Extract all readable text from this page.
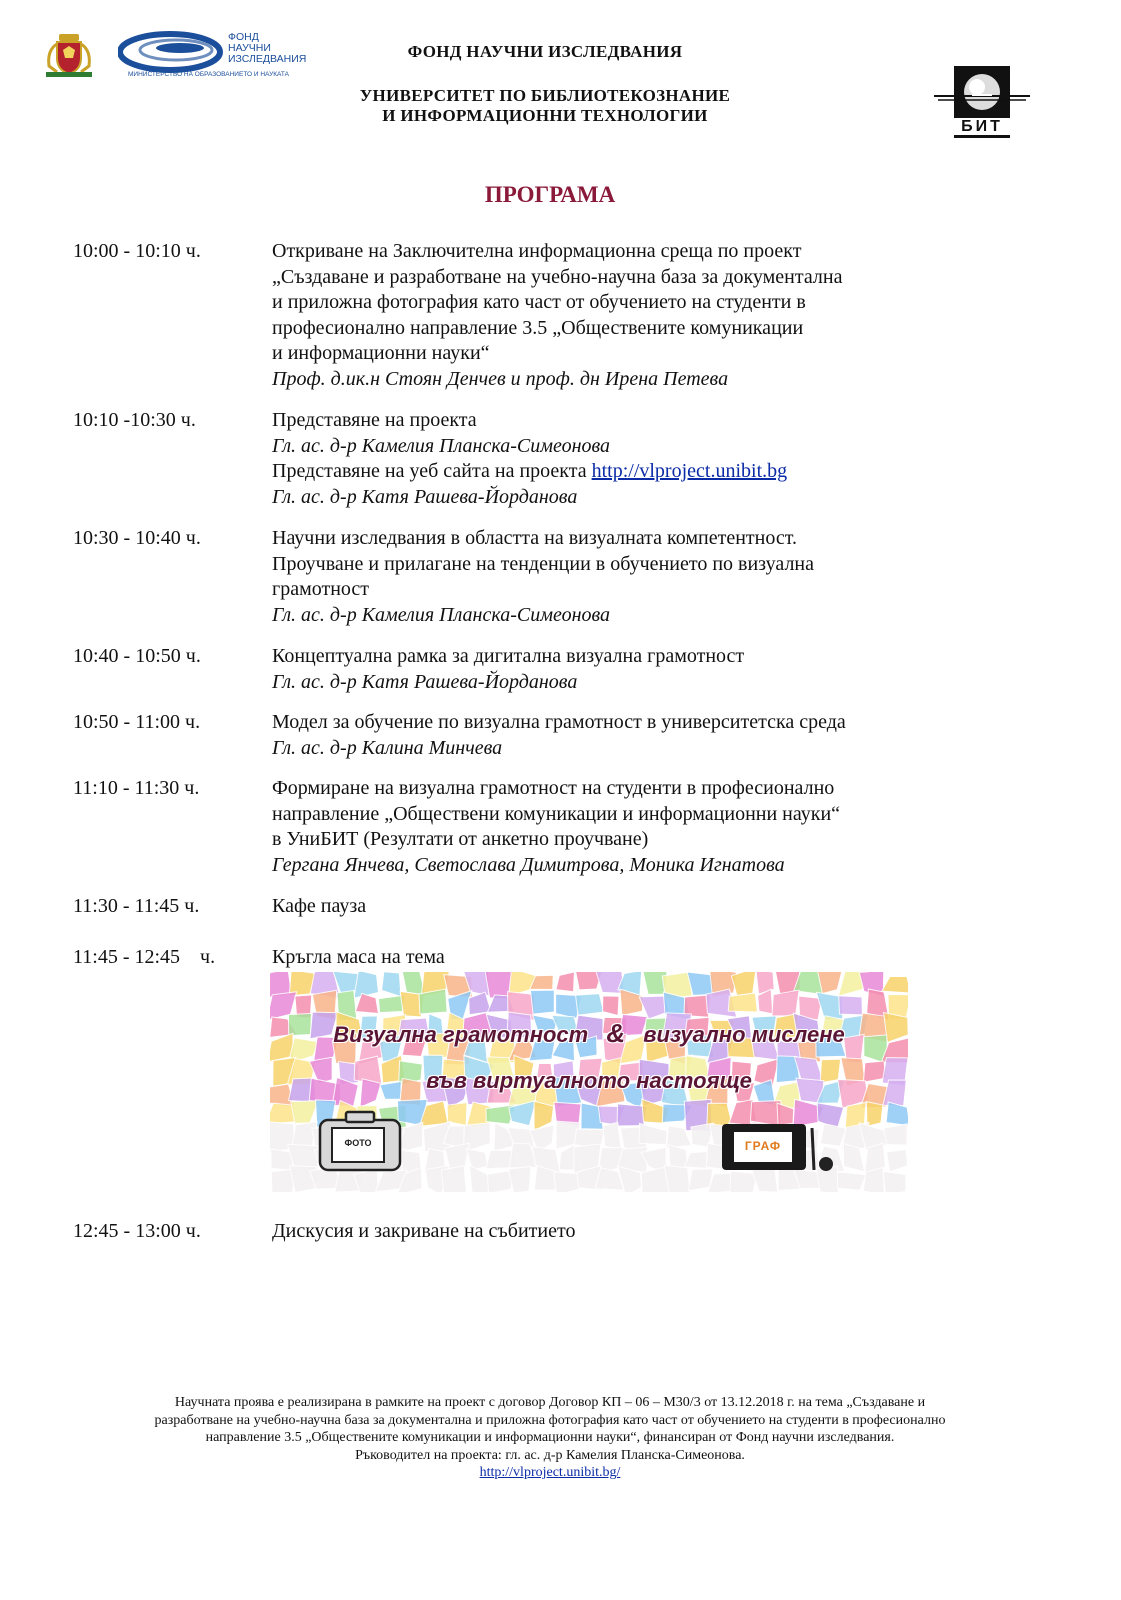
ФОНД
НАУЧНИ
ИЗСЛЕДВАНИЯ
МИНИСТЕРСТВО НА ОБРАЗОВАНИЕТО И НАУКАТА
ФОНД НАУЧНИ ИЗСЛЕДВАНИЯ
УНИВЕРСИТЕТ ПО БИБЛИОТЕКОЗНАНИЕ
И ИНФОРМАЦИОННИ ТЕХНОЛОГИИ
БИТ
ПРОГРАМА
10:00 - 10:10 ч.	Откриване на Заключителна информационна среща по проект
„Създаване и разработване на учебно-научна база за документална
и приложна фотография като част от обучението на студенти в
професионално направление 3.5 „Обществените комуникации
и информационни науки“
Проф. д.ик.н Стоян Денчев и проф. дн Ирена Петева
10:10 -10:30 ч.	Представяне на проекта
Гл. ас. д-р Камелия Планска-Симеонова
Представяне на уеб сайта на проекта http://vlproject.unibit.bg
Гл. ас. д-р Катя Рашева-Йорданова
10:30 - 10:40 ч.	Научни изследвания в областта на визуалната компетентност.
Проучване и прилагане на тенденции в обучението по визуална
грамотност
Гл. ас. д-р Камелия Планска-Симеонова
10:40 - 10:50 ч.	Концептуална рамка за дигитална визуална грамотност
Гл. ас. д-р Катя Рашева-Йорданова
10:50 - 11:00 ч.	Модел за обучение по визуална грамотност в университетска среда
Гл. ас. д-р Калина Минчева
11:10 - 11:30 ч.	Формиране на визуална грамотност на студенти в професионално
направление „Обществени комуникации и информационни науки“
в УниБИТ (Резултати от анкетно проучване)
Гергана Янчева, Светослава Димитрова, Моника Игнатова
11:30 - 11:45 ч.	Кафе пауза
11:45 - 12:45    ч.	Кръгла маса на тема
12:45 - 13:00 ч.	Дискусия и закриване на събитието
Визуална грамотност & визуално мислене
във виртуалното настояще
ФОТО	ГРАФ
Научната проява е реализирана в рамките на проект с договор Договор КП – 06 – М30/3 от 13.12.2018 г. на тема „Създаване и
разработване на учебно-научна база за документална и приложна фотография като част от обучението на студенти в професионално
направление 3.5 „Обществените комуникации и информационни науки“, финансиран от Фонд научни изследвания.
Ръководител на проекта: гл. ас. д-р Камелия Планска-Симеонова.
http://vlproject.unibit.bg/
